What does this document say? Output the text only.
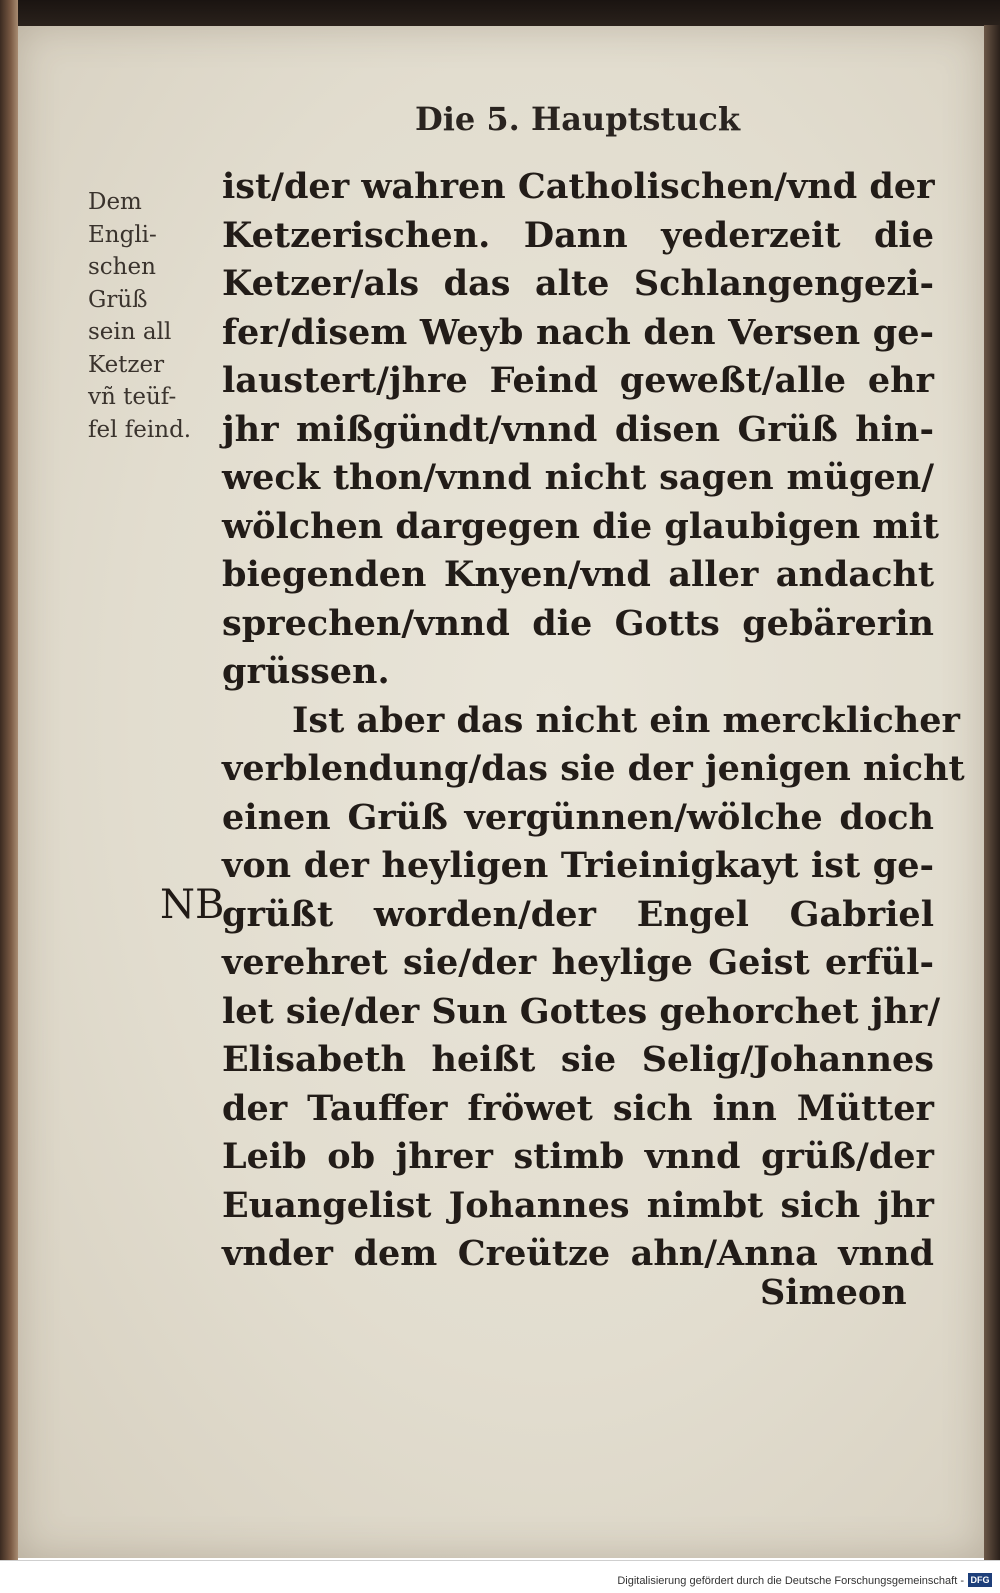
Die 5. Hauptstuck
Dem
Engli-
schen
Grüß
sein all
Ketzer
vñ teüf-
fel feind.
NB
ist/der wahren Catholischen/vnd der
Ketzerischen. Dann yederzeit die
Ketzer/als das alte Schlangengezi-
fer/disem Weyb nach den Versen ge-
laustert/jhre Feind geweßt/alle ehr
jhr mißgündt/vnnd disen Grüß hin-
weck thon/vnnd nicht sagen mügen/
wölchen dargegen die glaubigen mit
biegenden Knyen/vnd aller andacht
sprechen/vnnd die Gotts gebärerin
grüssen.
Ist aber das nicht ein mercklicher
verblendung/das sie der jenigen nicht
einen Grüß vergünnen/wölche doch
von der heyligen Trieinigkayt ist ge-
grüßt worden/der Engel Gabriel
verehret sie/der heylige Geist erfül-
let sie/der Sun Gottes gehorchet jhr/
Elisabeth heißt sie Selig/Johannes
der Tauffer fröwet sich inn Mütter
Leib ob jhrer stimb vnnd grüß/der
Euangelist Johannes nimbt sich jhr
vnder dem Creütze ahn/Anna vnnd
Simeon
Digitalisierung gefördert durch die Deutsche Forschungsgemeinschaft - DFG
